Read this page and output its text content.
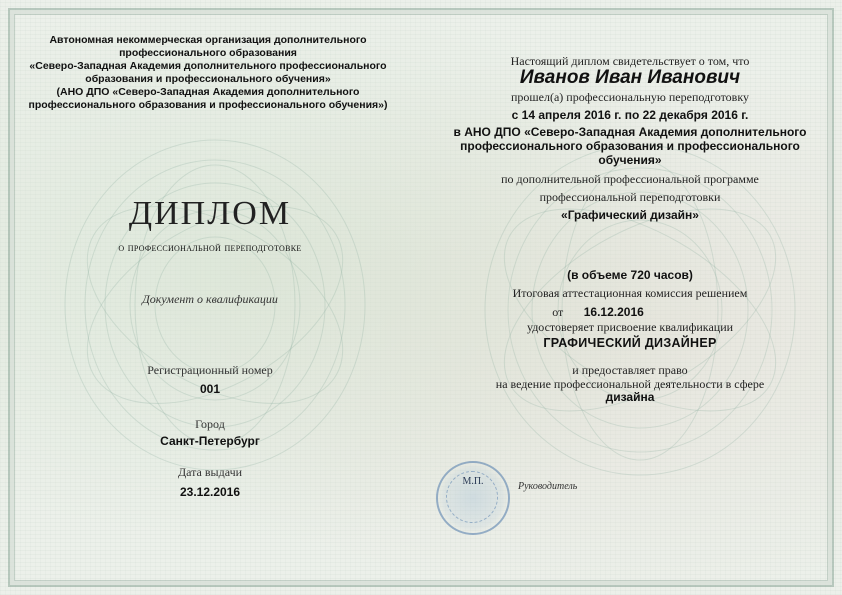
Автономная некоммерческая организация дополнительного
профессионального образования
«Северо-Западная Академия дополнительного профессионального
образования и профессионального обучения»
(АНО ДПО «Северо-Западная Академия дополнительного
профессионального образования и профессионального обучения»)
ДИПЛОМ
о профессиональной переподготовке
Документ о квалификации
Регистрационный номер
001
Город
Санкт-Петербург
Дата выдачи
23.12.2016
Настоящий диплом свидетельствует о том, что
Иванов Иван Иванович
прошел(а) профессиональную переподготовку
с 14 апреля 2016 г. по 22 декабря 2016 г.
в АНО ДПО «Северо-Западная Академия дополнительного
профессионального образования и профессионального
обучения»
по дополнительной профессиональной программе
профессиональной переподготовки
«Графический дизайн»
(в объеме 720 часов)
Итоговая аттестационная комиссия решением
от 16.12.2016
удостоверяет присвоение квалификации
ГРАФИЧЕСКИЙ ДИЗАЙНЕР
и предоставляет право
на ведение профессиональной деятельности в сфере
дизайна
М.П.	Руководитель
